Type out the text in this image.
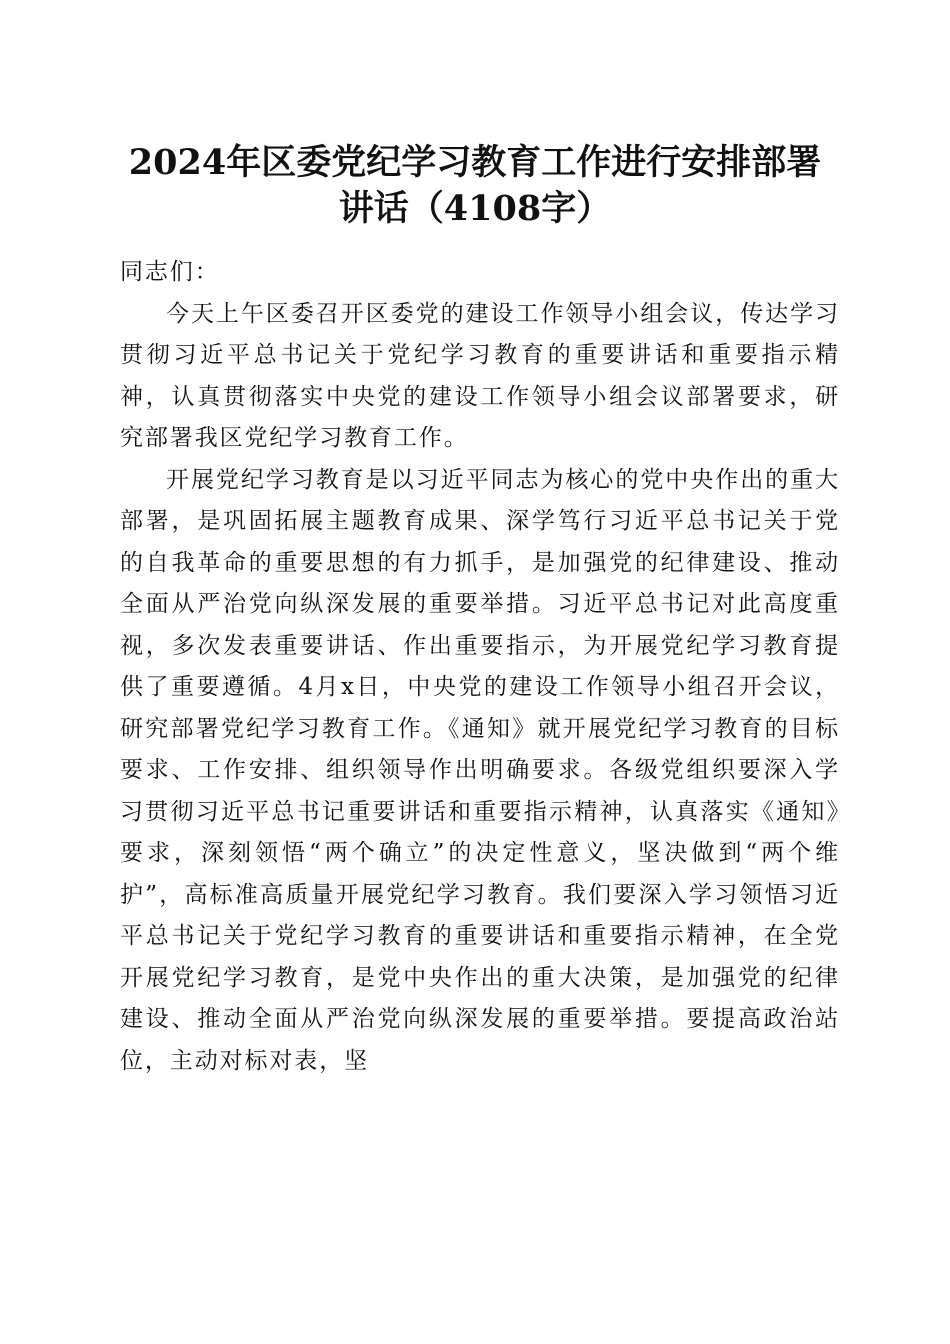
2024年区委党纪学习教育工作进行安排部署
讲话（4108字）

同志们：

今天上午区委召开区委党的建设工作领导小组会议，传达学习贯彻习近平总书记关于党纪学习教育的重要讲话和重要指示精神，认真贯彻落实中央党的建设工作领导小组会议部署要求，研究部署我区党纪学习教育工作。

开展党纪学习教育是以习近平同志为核心的党中央作出的重大部署，是巩固拓展主题教育成果、深学笃行习近平总书记关于党的自我革命的重要思想的有力抓手，是加强党的纪律建设、推动全面从严治党向纵深发展的重要举措。习近平总书记对此高度重视，多次发表重要讲话、作出重要指示，为开展党纪学习教育提供了重要遵循。4月x日，中央党的建设工作领导小组召开会议，研究部署党纪学习教育工作。《通知》就开展党纪学习教育的目标要求、工作安排、组织领导作出明确要求。各级党组织要深入学习贯彻习近平总书记重要讲话和重要指示精神，认真落实《通知》要求，深刻领悟“两个确立”的决定性意义，坚决做到“两个维护”，高标准高质量开展党纪学习教育。我们要深入学习领悟习近平总书记关于党纪学习教育的重要讲话和重要指示精神，在全党开展党纪学习教育，是党中央作出的重大决策，是加强党的纪律建设、推动全面从严治党向纵深发展的重要举措。要提高政治站位，主动对标对表，坚
